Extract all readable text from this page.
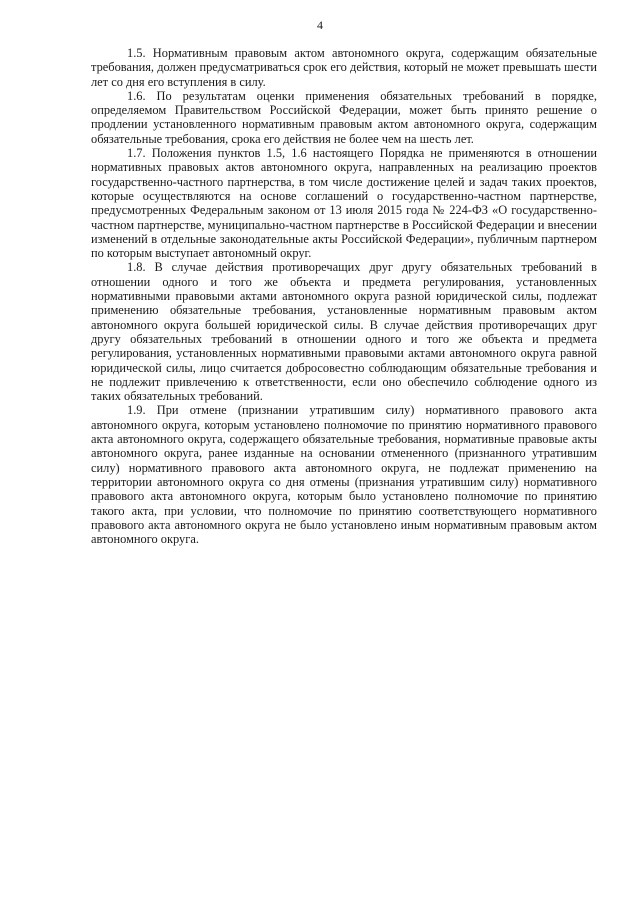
4

1.5. Нормативным правовым актом автономного округа, содержащим обязательные требования, должен предусматриваться срок его действия, который не может превышать шести лет со дня его вступления в силу.

1.6. По результатам оценки применения обязательных требований в порядке, определяемом Правительством Российской Федерации, может быть принято решение о продлении установленного нормативным правовым актом автономного округа, содержащим обязательные требования, срока его действия не более чем на шесть лет.

1.7. Положения пунктов 1.5, 1.6 настоящего Порядка не применяются в отношении нормативных правовых актов автономного округа, направленных на реализацию проектов государственно-частного партнерства, в том числе достижение целей и задач таких проектов, которые осуществляются на основе соглашений о государственно-частном партнерстве, предусмотренных Федеральным законом от 13 июля 2015 года № 224-ФЗ «О государственно-частном партнерстве, муниципально-частном партнерстве в Российской Федерации и внесении изменений в отдельные законодательные акты Российской Федерации», публичным партнером по которым выступает автономный округ.

1.8. В случае действия противоречащих друг другу обязательных требований в отношении одного и того же объекта и предмета регулирования, установленных нормативными правовыми актами автономного округа разной юридической силы, подлежат применению обязательные требования, установленные нормативным правовым актом автономного округа большей юридической силы. В случае действия противоречащих друг другу обязательных требований в отношении одного и того же объекта и предмета регулирования, установленных нормативными правовыми актами автономного округа равной юридической силы, лицо считается добросовестно соблюдающим обязательные требования и не подлежит привлечению к ответственности, если оно обеспечило соблюдение одного из таких обязательных требований.

1.9. При отмене (признании утратившим силу) нормативного правового акта автономного округа, которым установлено полномочие по принятию нормативного правового акта автономного округа, содержащего обязательные требования, нормативные правовые акты автономного округа, ранее изданные на основании отмененного (признанного утратившим силу) нормативного правового акта автономного округа, не подлежат применению на территории автономного округа со дня отмены (признания утратившим силу) нормативного правового акта автономного округа, которым было установлено полномочие по принятию такого акта, при условии, что полномочие по принятию соответствующего нормативного правового акта автономного округа не было установлено иным нормативным правовым актом автономного округа.
